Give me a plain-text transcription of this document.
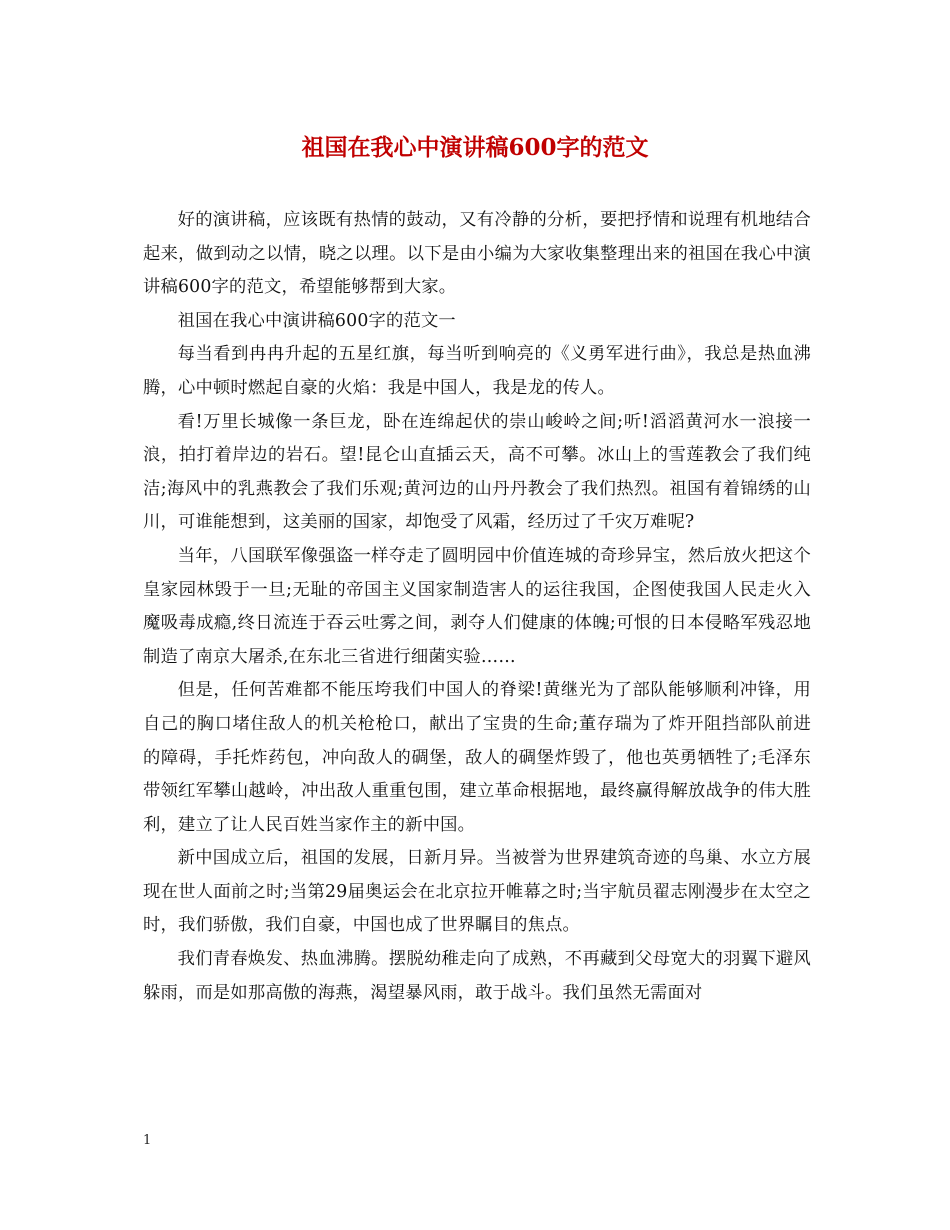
祖国在我心中演讲稿600字的范文

好的演讲稿，应该既有热情的鼓动，又有冷静的分析，要把抒情和说理有机地结合起来，做到动之以情，晓之以理。以下是由小编为大家收集整理出来的祖国在我心中演讲稿600字的范文，希望能够帮到大家。

祖国在我心中演讲稿600字的范文一

每当看到冉冉升起的五星红旗，每当听到响亮的《义勇军进行曲》，我总是热血沸腾，心中顿时燃起自豪的火焰：我是中国人，我是龙的传人。

看!万里长城像一条巨龙，卧在连绵起伏的崇山峻岭之间;听!滔滔黄河水一浪接一浪，拍打着岸边的岩石。望!昆仑山直插云天，高不可攀。冰山上的雪莲教会了我们纯洁;海风中的乳燕教会了我们乐观;黄河边的山丹丹教会了我们热烈。祖国有着锦绣的山川，可谁能想到，这美丽的国家，却饱受了风霜，经历过了千灾万难呢?

当年，八国联军像强盗一样夺走了圆明园中价值连城的奇珍异宝，然后放火把这个皇家园林毁于一旦;无耻的帝国主义国家制造害人的运往我国，企图使我国人民走火入魔吸毒成瘾,终日流连于吞云吐雾之间，剥夺人们健康的体魄;可恨的日本侵略军残忍地制造了南京大屠杀,在东北三省进行细菌实验……

但是，任何苦难都不能压垮我们中国人的脊梁!黄继光为了部队能够顺利冲锋，用自己的胸口堵住敌人的机关枪枪口，献出了宝贵的生命;董存瑞为了炸开阻挡部队前进的障碍，手托炸药包，冲向敌人的碉堡，敌人的碉堡炸毁了，他也英勇牺牲了;毛泽东带领红军攀山越岭，冲出敌人重重包围，建立革命根据地，最终赢得解放战争的伟大胜利，建立了让人民百姓当家作主的新中国。

新中国成立后，祖国的发展，日新月异。当被誉为世界建筑奇迹的鸟巢、水立方展现在世人面前之时;当第29届奥运会在北京拉开帷幕之时;当宇航员翟志刚漫步在太空之时，我们骄傲，我们自豪，中国也成了世界瞩目的焦点。

我们青春焕发、热血沸腾。摆脱幼稚走向了成熟，不再藏到父母宽大的羽翼下避风躲雨，而是如那高傲的海燕，渴望暴风雨，敢于战斗。我们虽然无需面对

1
